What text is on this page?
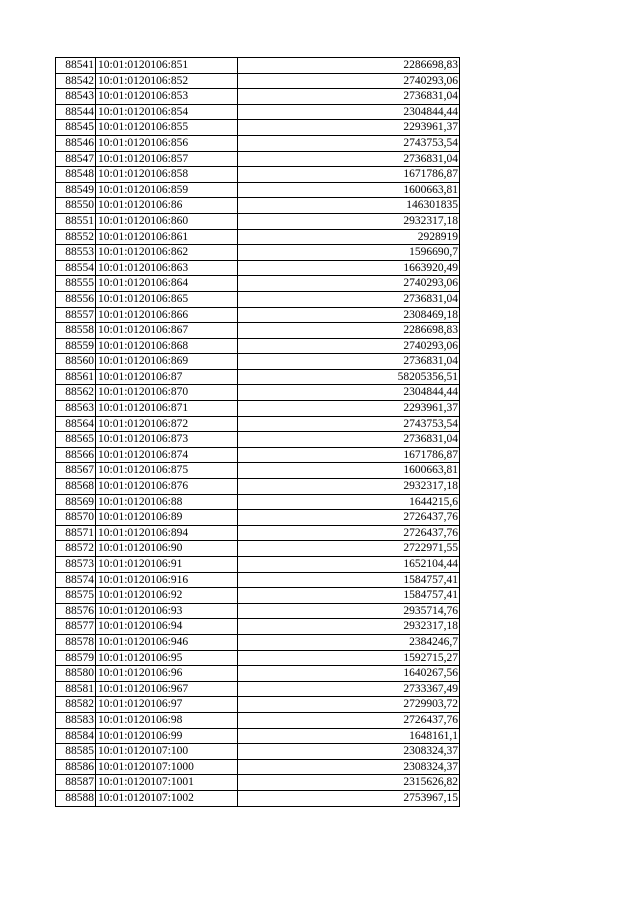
88541	10:01:0120106:851	2286698,83
88542	10:01:0120106:852	2740293,06
88543	10:01:0120106:853	2736831,04
88544	10:01:0120106:854	2304844,44
88545	10:01:0120106:855	2293961,37
88546	10:01:0120106:856	2743753,54
88547	10:01:0120106:857	2736831,04
88548	10:01:0120106:858	1671786,87
88549	10:01:0120106:859	1600663,81
88550	10:01:0120106:86	146301835
88551	10:01:0120106:860	2932317,18
88552	10:01:0120106:861	2928919
88553	10:01:0120106:862	1596690,7
88554	10:01:0120106:863	1663920,49
88555	10:01:0120106:864	2740293,06
88556	10:01:0120106:865	2736831,04
88557	10:01:0120106:866	2308469,18
88558	10:01:0120106:867	2286698,83
88559	10:01:0120106:868	2740293,06
88560	10:01:0120106:869	2736831,04
88561	10:01:0120106:87	58205356,51
88562	10:01:0120106:870	2304844,44
88563	10:01:0120106:871	2293961,37
88564	10:01:0120106:872	2743753,54
88565	10:01:0120106:873	2736831,04
88566	10:01:0120106:874	1671786,87
88567	10:01:0120106:875	1600663,81
88568	10:01:0120106:876	2932317,18
88569	10:01:0120106:88	1644215,6
88570	10:01:0120106:89	2726437,76
88571	10:01:0120106:894	2726437,76
88572	10:01:0120106:90	2722971,55
88573	10:01:0120106:91	1652104,44
88574	10:01:0120106:916	1584757,41
88575	10:01:0120106:92	1584757,41
88576	10:01:0120106:93	2935714,76
88577	10:01:0120106:94	2932317,18
88578	10:01:0120106:946	2384246,7
88579	10:01:0120106:95	1592715,27
88580	10:01:0120106:96	1640267,56
88581	10:01:0120106:967	2733367,49
88582	10:01:0120106:97	2729903,72
88583	10:01:0120106:98	2726437,76
88584	10:01:0120106:99	1648161,1
88585	10:01:0120107:100	2308324,37
88586	10:01:0120107:1000	2308324,37
88587	10:01:0120107:1001	2315626,82
88588	10:01:0120107:1002	2753967,15
